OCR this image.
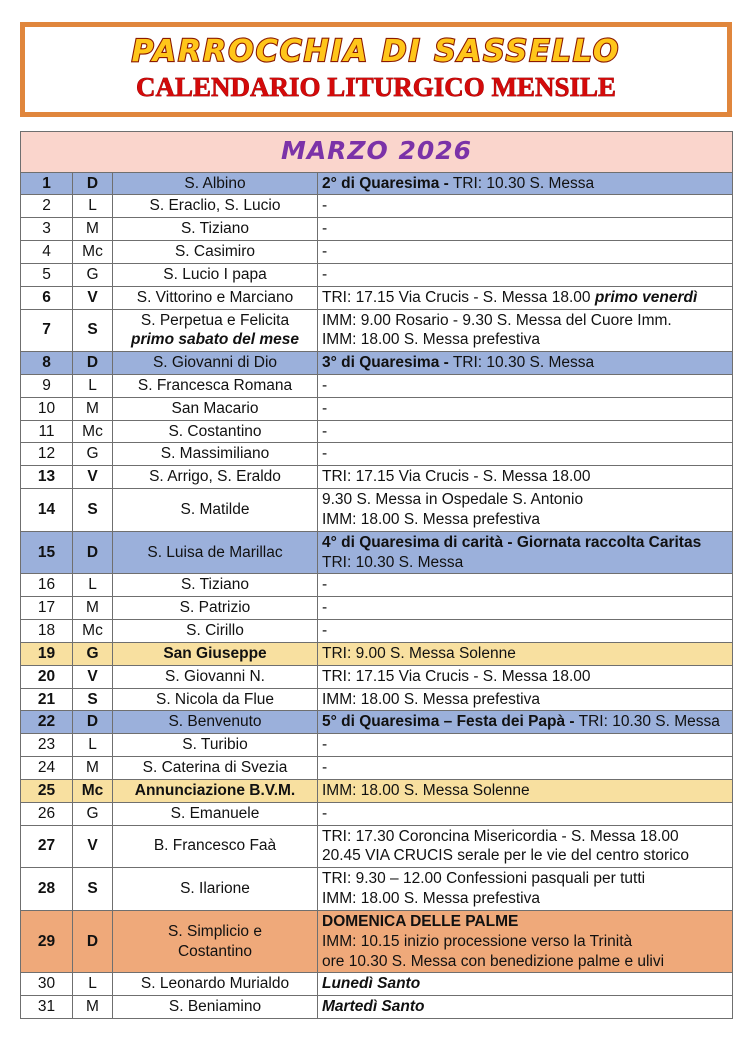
PARROCCHIA DI SASSELLO
CALENDARIO LITURGICO MENSILE
MARZO 2026			
1	D	S. Albino	2° di Quaresima - TRI: 10.30 S. Messa

2	L	S. Eraclio, S. Lucio	-

3	M	S. Tiziano	-

4	Mc	S. Casimiro	-

5	G	S. Lucio I papa	-

6	V	S. Vittorino e Marciano	TRI: 17.15 Via Crucis - S. Messa 18.00 primo venerdì

7	S	S. Perpetua e Felicita
primo sabato del mese	IMM: 9.00 Rosario - 9.30 S. Messa del Cuore Imm.
IMM: 18.00 S. Messa prefestiva

8	D	S. Giovanni di Dio	3° di Quaresima - TRI: 10.30 S. Messa

9	L	S. Francesca Romana	-

10	M	San Macario	-

11	Mc	S. Costantino	-

12	G	S. Massimiliano	-

13	V	S. Arrigo, S. Eraldo	TRI: 17.15 Via Crucis - S. Messa 18.00

14	S	S. Matilde	9.30 S. Messa in Ospedale S. Antonio
IMM: 18.00 S. Messa prefestiva

15	D	S. Luisa de Marillac	4° di Quaresima di carità - Giornata raccolta Caritas
TRI: 10.30 S. Messa

16	L	S. Tiziano	-

17	M	S. Patrizio	-

18	Mc	S. Cirillo	-

19	G	San Giuseppe	TRI: 9.00 S. Messa Solenne

20	V	S. Giovanni N.	TRI: 17.15 Via Crucis - S. Messa 18.00

21	S	S. Nicola da Flue	IMM: 18.00 S. Messa prefestiva

22	D	S. Benvenuto	5° di Quaresima – Festa dei Papà - TRI: 10.30 S. Messa

23	L	S. Turibio	-

24	M	S. Caterina di Svezia	-

25	Mc	Annunciazione B.V.M.	IMM: 18.00 S. Messa Solenne

26	G	S. Emanuele	-

27	V	B. Francesco Faà	TRI: 17.30 Coroncina Misericordia - S. Messa 18.00
20.45 VIA CRUCIS serale per le vie del centro storico

28	S	S. Ilarione	TRI: 9.30 – 12.00 Confessioni pasquali per tutti
IMM: 18.00 S. Messa prefestiva

29	D	S. Simplicio e
Costantino	DOMENICA DELLE PALME
IMM: 10.15 inizio processione verso la Trinità
ore 10.30 S. Messa con benedizione palme e ulivi

30	L	S. Leonardo Murialdo	Lunedì Santo

31	M	S. Beniamino	Martedì Santo
